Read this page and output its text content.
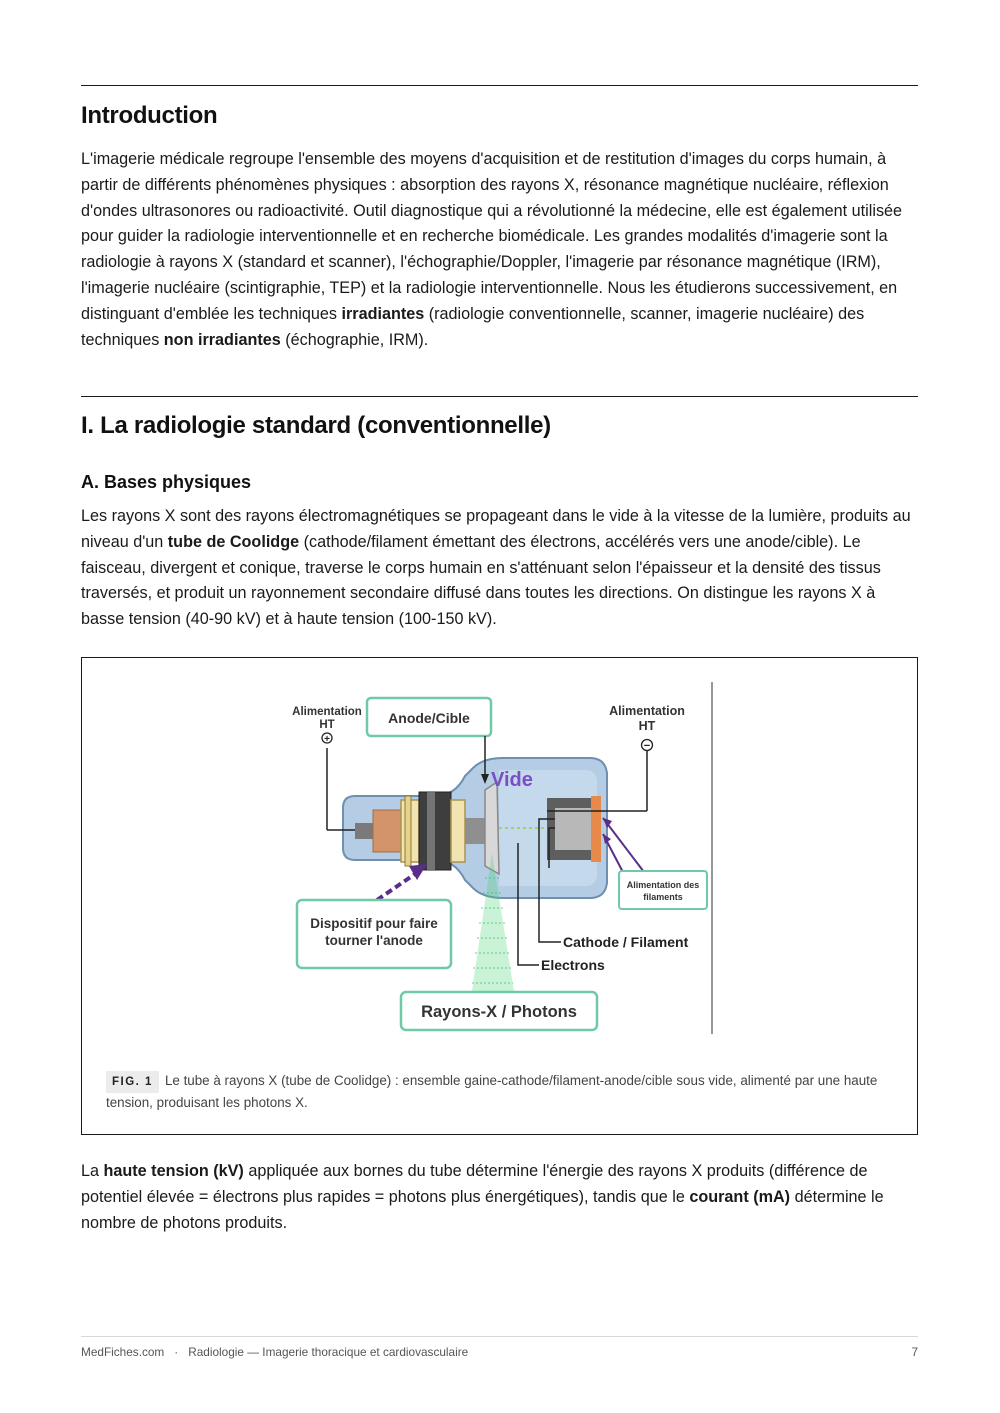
Introduction

L'imagerie médicale regroupe l'ensemble des moyens d'acquisition et de restitution d'images du corps humain, à partir de différents phénomènes physiques : absorption des rayons X, résonance magnétique nucléaire, réflexion d'ondes ultrasonores ou radioactivité. Outil diagnostique qui a révolutionné la médecine, elle est également utilisée pour guider la radiologie interventionnelle et en recherche biomédicale. Les grandes modalités d'imagerie sont la radiologie à rayons X (standard et scanner), l'échographie/Doppler, l'imagerie par résonance magnétique (IRM), l'imagerie nucléaire (scintigraphie, TEP) et la radiologie interventionnelle. Nous les étudierons successivement, en distinguant d'emblée les techniques irradiantes (radiologie conventionnelle, scanner, imagerie nucléaire) des techniques non irradiantes (échographie, IRM).

I. La radiologie standard (conventionnelle)
A. Bases physiques

Les rayons X sont des rayons électromagnétiques se propageant dans le vide à la vitesse de la lumière, produits au niveau d'un tube de Coolidge (cathode/filament émettant des électrons, accélérés vers une anode/cible). Le faisceau, divergent et conique, traverse le corps humain en s'atténuant selon l'épaisseur et la densité des tissus traversés, et produit un rayonnement secondaire diffusé dans toutes les directions. On distingue les rayons X à basse tension (40-90 kV) et à haute tension (100-150 kV).

+
Alimentation
HT	Anode/Cible
Vide
Alimentation
HT
−
Alimentation des
filaments
Dispositif pour faire
tourner l'anode	Cathode / Filament
Electrons
Rayons-X / Photons
FIG. 1 Le tube à rayons X (tube de Coolidge) : ensemble gaine-cathode/filament-anode/cible sous vide, alimenté par une haute tension, produisant les photons X.

La haute tension (kV) appliquée aux bornes du tube détermine l'énergie des rayons X produits (différence de potentiel élevée = électrons plus rapides = photons plus énergétiques), tandis que le courant (mA) détermine le nombre de photons produits.

MedFiches.com · Radiologie — Imagerie thoracique et cardiovasculaire	7
